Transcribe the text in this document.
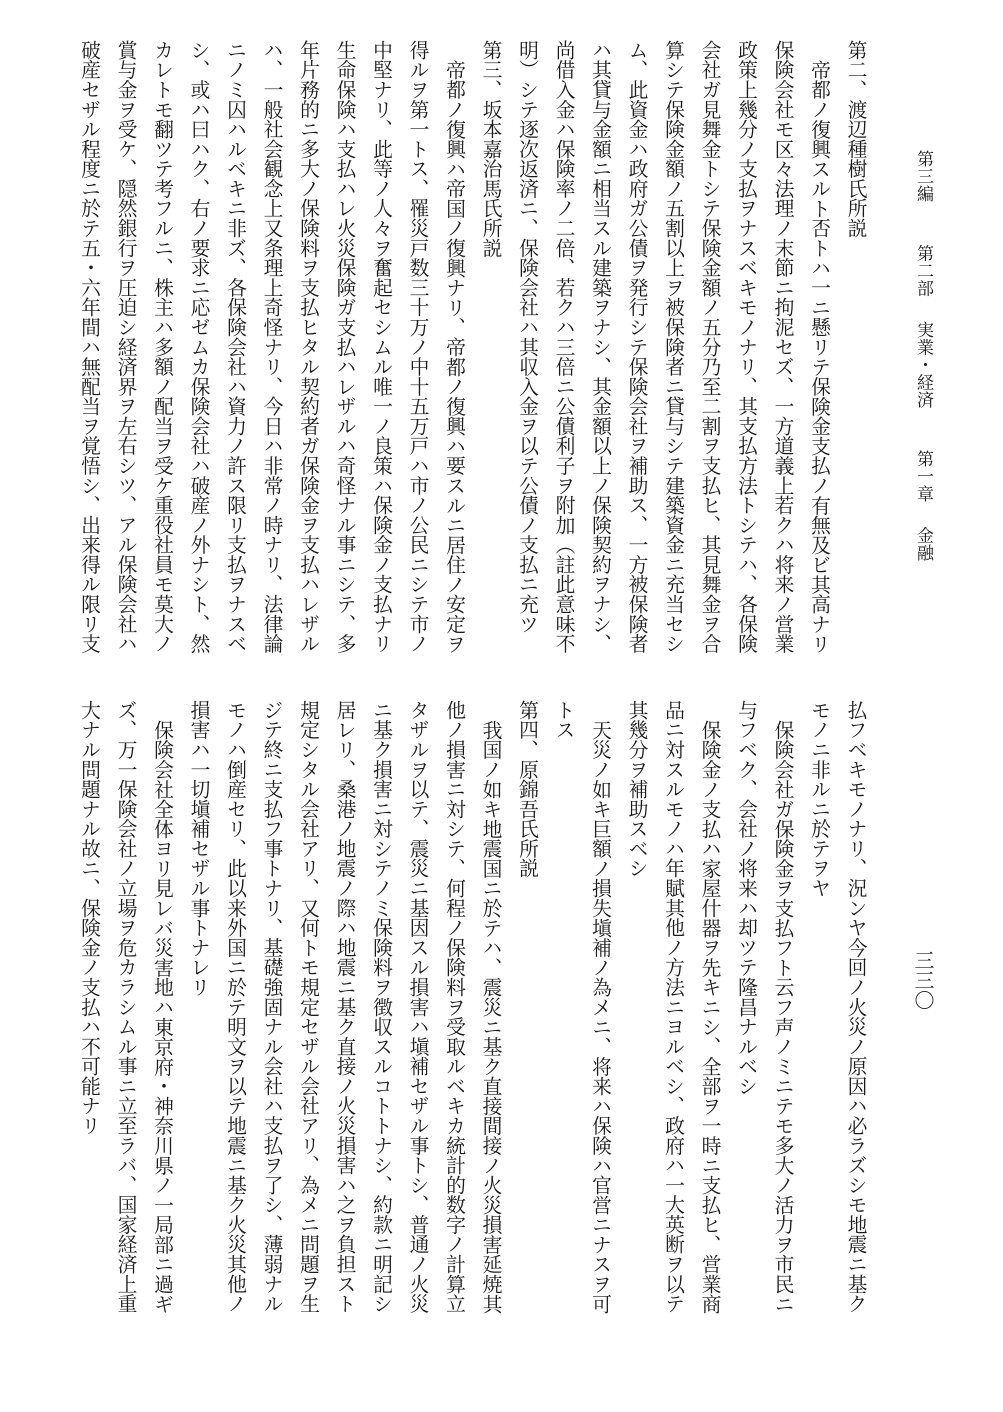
第三編 第二部 実業・経済 第一章 金融
三三〇
第二、渡辺種樹氏所説
帝都ノ復興スルト否トハ一ニ懸リテ保険金支払ノ有無及ビ其高ナリ
保険会社モ区々法理ノ末節ニ拘泥セズ、一方道義上若クハ将来ノ営業
政策上幾分ノ支払ヲナスベキモノナリ、其支払方法トシテハ、各保険
会社ガ見舞金トシテ保険金額ノ五分乃至二割ヲ支払ヒ、其見舞金ヲ合
算シテ保険金額ノ五割以上ヲ被保険者ニ貸与シテ建築資金ニ充当セシ
ム、此資金ハ政府ガ公債ヲ発行シテ保険会社ヲ補助ス、一方被保険者
ハ其貸与金額ニ相当スル建築ヲナシ、其金額以上ノ保険契約ヲナシ、
尚借入金ハ保険率ノ二倍、若クハ三倍ニ公債利子ヲ附加（註此意味不
明）シテ逐次返済ニ、保険会社ハ其収入金ヲ以テ公債ノ支払ニ充ツ
第三、坂本嘉治馬氏所説
帝都ノ復興ハ帝国ノ復興ナリ、帝都ノ復興ハ要スルニ居住ノ安定ヲ
得ルヲ第一トス、罹災戸数三十万ノ中十五万戸ハ市ノ公民ニシテ市ノ
中堅ナリ、此等ノ人々ヲ奮起セシムル唯一ノ良策ハ保険金ノ支払ナリ
生命保険ハ支払ハレ火災保険ガ支払ハレザルハ奇怪ナル事ニシテ、多
年片務的ニ多大ノ保険料ヲ支払ヒタル契約者ガ保険金ヲ支払ハレザル
ハ、一般社会観念上又条理上奇怪ナリ、今日ハ非常ノ時ナリ、法律論
ニノミ囚ハルベキニ非ズ、各保険会社ハ資力ノ許ス限リ支払ヲナスベ
シ、或ハ曰ハク、右ノ要求ニ応ゼムカ保険会社ハ破産ノ外ナシト、然
カレトモ翻ツテ考フルニ、株主ハ多額ノ配当ヲ受ケ重役社員モ莫大ノ
賞与金ヲ受ケ、隠然銀行ヲ圧迫シ経済界ヲ左右シツ、アル保険会社ハ
破産セザル程度ニ於テ五・六年間ハ無配当ヲ覚悟シ、出来得ル限リ支
払フベキモノナリ、況ンヤ今回ノ火災ノ原因ハ必ラズシモ地震ニ基ク
モノニ非ルニ於テヲヤ
保険会社ガ保険金ヲ支払フト云フ声ノミニテモ多大ノ活力ヲ市民ニ
与フベク、会社ノ将来ハ却ツテ隆昌ナルベシ
保険金ノ支払ハ家屋什器ヲ先キニシ、全部ヲ一時ニ支払ヒ、営業商
品ニ対スルモノハ年賦其他ノ方法ニヨルベシ、政府ハ一大英断ヲ以テ
其幾分ヲ補助スベシ
天災ノ如キ巨額ノ損失塡補ノ為メニ、将来ハ保険ハ官営ニナスヲ可
トス
第四、原錦吾氏所説
我国ノ如キ地震国ニ於テハ、震災ニ基ク直接間接ノ火災損害延焼其
他ノ損害ニ対シテ、何程ノ保険料ヲ受取ルベキカ統計的数字ノ計算立
タザルヲ以テ、震災ニ基因スル損害ハ塡補セザル事トシ、普通ノ火災
ニ基ク損害ニ対シテノミ保険料ヲ徴収スルコトトナシ、約款ニ明記シ
居レリ、桑港ノ地震ノ際ハ地震ニ基ク直接ノ火災損害ハ之ヲ負担スト
規定シタル会社アリ、又何トモ規定セザル会社アリ、為メニ問題ヲ生
ジテ終ニ支払フ事トナリ、基礎強固ナル会社ハ支払ヲ了シ、薄弱ナル
モノハ倒産セリ、此以来外国ニ於テ明文ヲ以テ地震ニ基ク火災其他ノ
損害ハ一切塡補セザル事トナレリ
保険会社全体ヨリ見レバ災害地ハ東京府・神奈川県ノ一局部ニ過ギ
ズ、万一保険会社ノ立場ヲ危カラシムル事ニ立至ラバ、国家経済上重
大ナル問題ナル故ニ、保険金ノ支払ハ不可能ナリ
